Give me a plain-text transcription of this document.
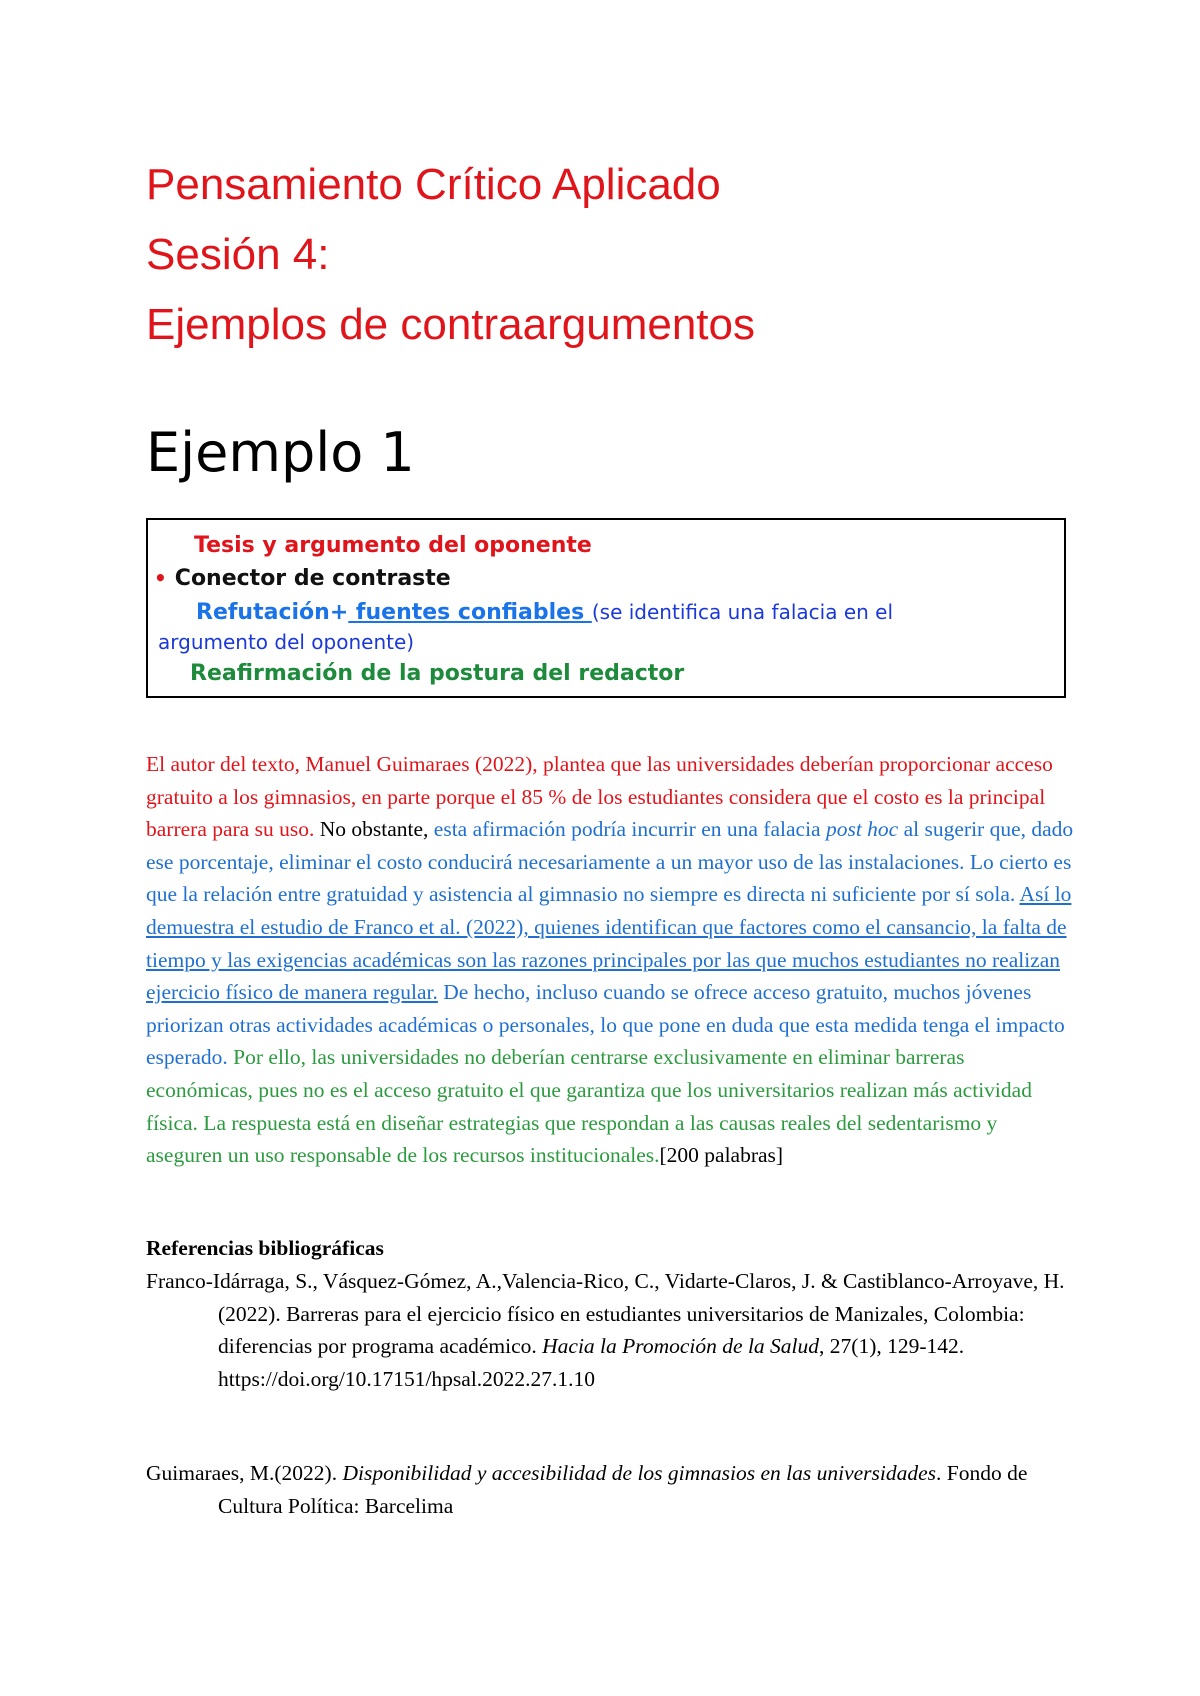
Pensamiento Crítico Aplicado
Sesión 4:
Ejemplos de contraargumentos
Ejemplo 1
Tesis y argumento del oponente
• Conector de contraste
Refutación+ fuentes confiables (se identifica una falacia en el
argumento del oponente)
Reafirmación de la postura del redactor
El autor del texto, Manuel Guimaraes (2022), plantea que las universidades deberían proporcionar acceso gratuito a los gimnasios, en parte porque el 85 % de los estudiantes considera que el costo es la principal barrera para su uso. No obstante, esta afirmación podría incurrir en una falacia post hoc al sugerir que, dado ese porcentaje, eliminar el costo conducirá necesariamente a un mayor uso de las instalaciones. Lo cierto es que la relación entre gratuidad y asistencia al gimnasio no siempre es directa ni suficiente por sí sola. Así lo demuestra el estudio de Franco et al. (2022), quienes identifican que factores como el cansancio, la falta de tiempo y las exigencias académicas son las razones principales por las que muchos estudiantes no realizan ejercicio físico de manera regular. De hecho, incluso cuando se ofrece acceso gratuito, muchos jóvenes priorizan otras actividades académicas o personales, lo que pone en duda que esta medida tenga el impacto esperado. Por ello, las universidades no deberían centrarse exclusivamente en eliminar barreras económicas, pues no es el acceso gratuito el que garantiza que los universitarios realizan más actividad física. La respuesta está en diseñar estrategias que respondan a las causas reales del sedentarismo y aseguren un uso responsable de los recursos institucionales.[200 palabras]
Referencias bibliográficas
Franco-Idárraga, S., Vásquez-Gómez, A.,Valencia-Rico, C., Vidarte-Claros, J. & Castiblanco-Arroyave, H. (2022). Barreras para el ejercicio físico en estudiantes universitarios de Manizales, Colombia: diferencias por programa académico. Hacia la Promoción de la Salud, 27(1), 129-142. https://doi.org/10.17151/hpsal.2022.27.1.10
Guimaraes, M.(2022). Disponibilidad y accesibilidad de los gimnasios en las universidades. Fondo de Cultura Política: Barcelima
